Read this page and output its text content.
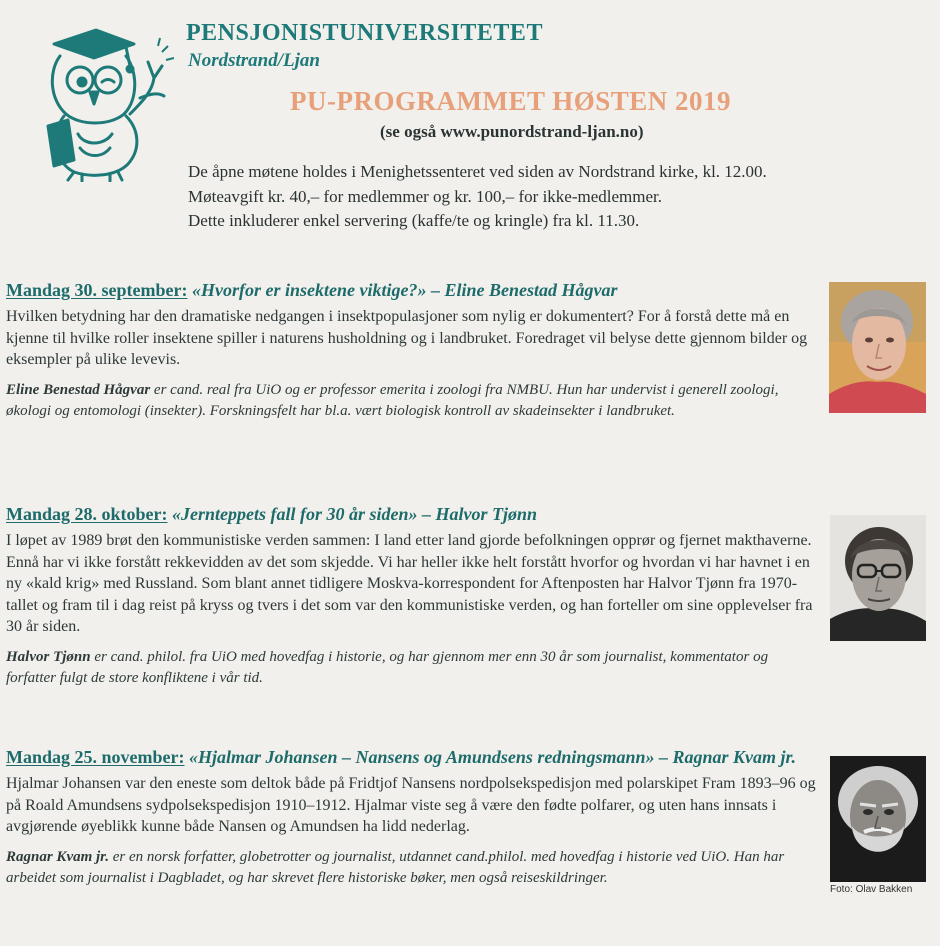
PENSJONISTUNIVERSITETET
Nordstrand/Ljan
PU-PROGRAMMET HØSTEN 2019
(se også www.punordstrand-ljan.no)
De åpne møtene holdes i Menighetssenteret ved siden av Nordstrand kirke, kl. 12.00.
Møteavgift kr. 40,– for medlemmer og kr. 100,– for ikke-medlemmer.
Dette inkluderer enkel servering (kaffe/te og kringle) fra kl. 11.30.
Mandag 30. september: «Hvorfor er insektene viktige?» – Eline Benestad Hågvar
Hvilken betydning har den dramatiske nedgangen i insektpopulasjoner som nylig er dokumentert? For å forstå dette må en kjenne til hvilke roller insektene spiller i naturens husholdning og i landbruket. Foredraget vil belyse dette gjennom bilder og eksempler på ulike levevis.
Eline Benestad Hågvar er cand. real fra UiO og er professor emerita i zoologi fra NMBU. Hun har undervist i generell zoologi, økologi og entomologi (insekter). Forskningsfelt har bl.a. vært biologisk kontroll av skadeinsekter i landbruket.
Mandag 28. oktober: «Jernteppets fall for 30 år siden» – Halvor Tjønn
I løpet av 1989 brøt den kommunistiske verden sammen: I land etter land gjorde befolkningen opprør og fjernet makthaverne. Ennå har vi ikke forstått rekkevidden av det som skjedde. Vi har heller ikke helt forstått hvorfor og hvordan vi har havnet i en ny «kald krig» med Russland. Som blant annet tidligere Moskva-korrespondent for Aftenposten har Halvor Tjønn fra 1970-tallet og fram til i dag reist på kryss og tvers i det som var den kommunistiske verden, og han forteller om sine opplevelser fra 30 år siden.
Halvor Tjønn er cand. philol. fra UiO med hovedfag i historie, og har gjennom mer enn 30 år som journalist, kommentator og forfatter fulgt de store konfliktene i vår tid.
Mandag 25. november: «Hjalmar Johansen – Nansens og Amundsens redningsmann» – Ragnar Kvam jr.
Hjalmar Johansen var den eneste som deltok både på Fridtjof Nansens nordpolsekspedisjon med polarskipet Fram 1893–96 og på Roald Amundsens sydpolsekspedisjon 1910–1912. Hjalmar viste seg å være den fødte polfarer, og uten hans innsats i avgjørende øyeblikk kunne både Nansen og Amundsen ha lidd nederlag.
Ragnar Kvam jr. er en norsk forfatter, globetrotter og journalist, utdannet cand.philol. med hovedfag i historie ved UiO. Han har arbeidet som journalist i Dagbladet, og har skrevet flere historiske bøker, men også reiseskildringer.
Foto: Olav Bakken
